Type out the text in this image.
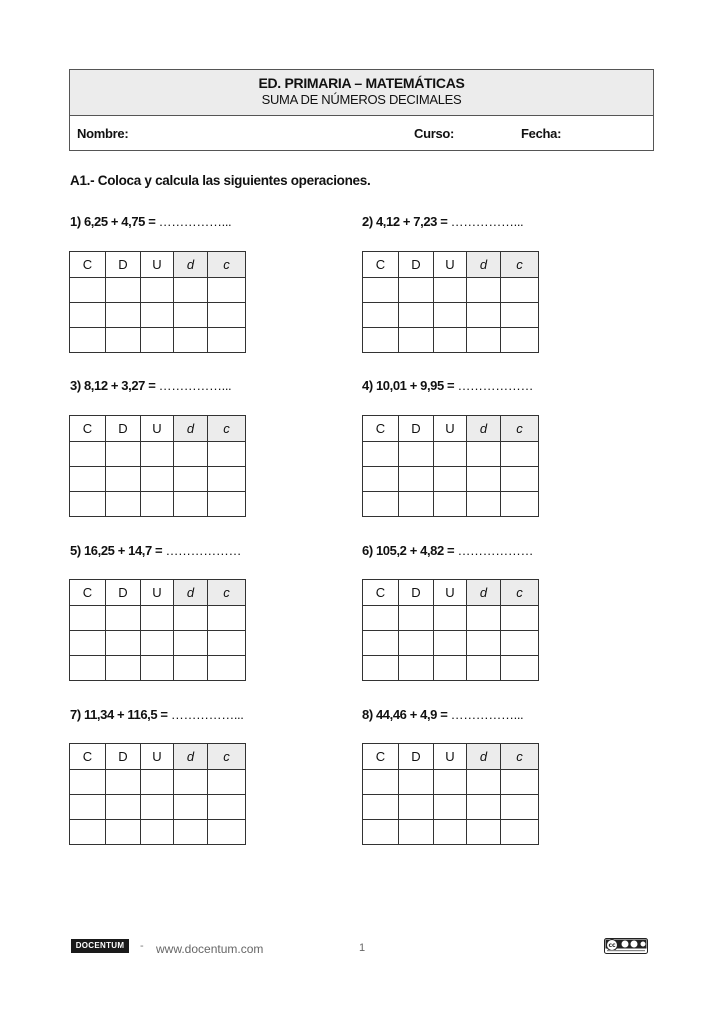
ED. PRIMARIA – MATEMÁTICAS
SUMA DE NÚMEROS DECIMALES
Nombre:	Curso:	Fecha:
A1.- Coloca y calcula las siguientes operaciones.
1) 6,25 + 4,75 = ……………...
C	D	U	d	c

2) 4,12 + 7,23 = ……………...
C	D	U	d	c

3) 8,12 + 3,27 = ……………...
C	D	U	d	c

4) 10,01 + 9,95 = ………………
C	D	U	d	c

5) 16,25 + 14,7 = ………………
C	D	U	d	c

6) 105,2 + 4,82 = ………………
C	D	U	d	c

7) 11,34 + 116,5 = ……………...
C	D	U	d	c

8) 44,46 + 4,9 = ……………...
C	D	U	d	c

DOCENTUM	- www.docentum.com	1	cc
